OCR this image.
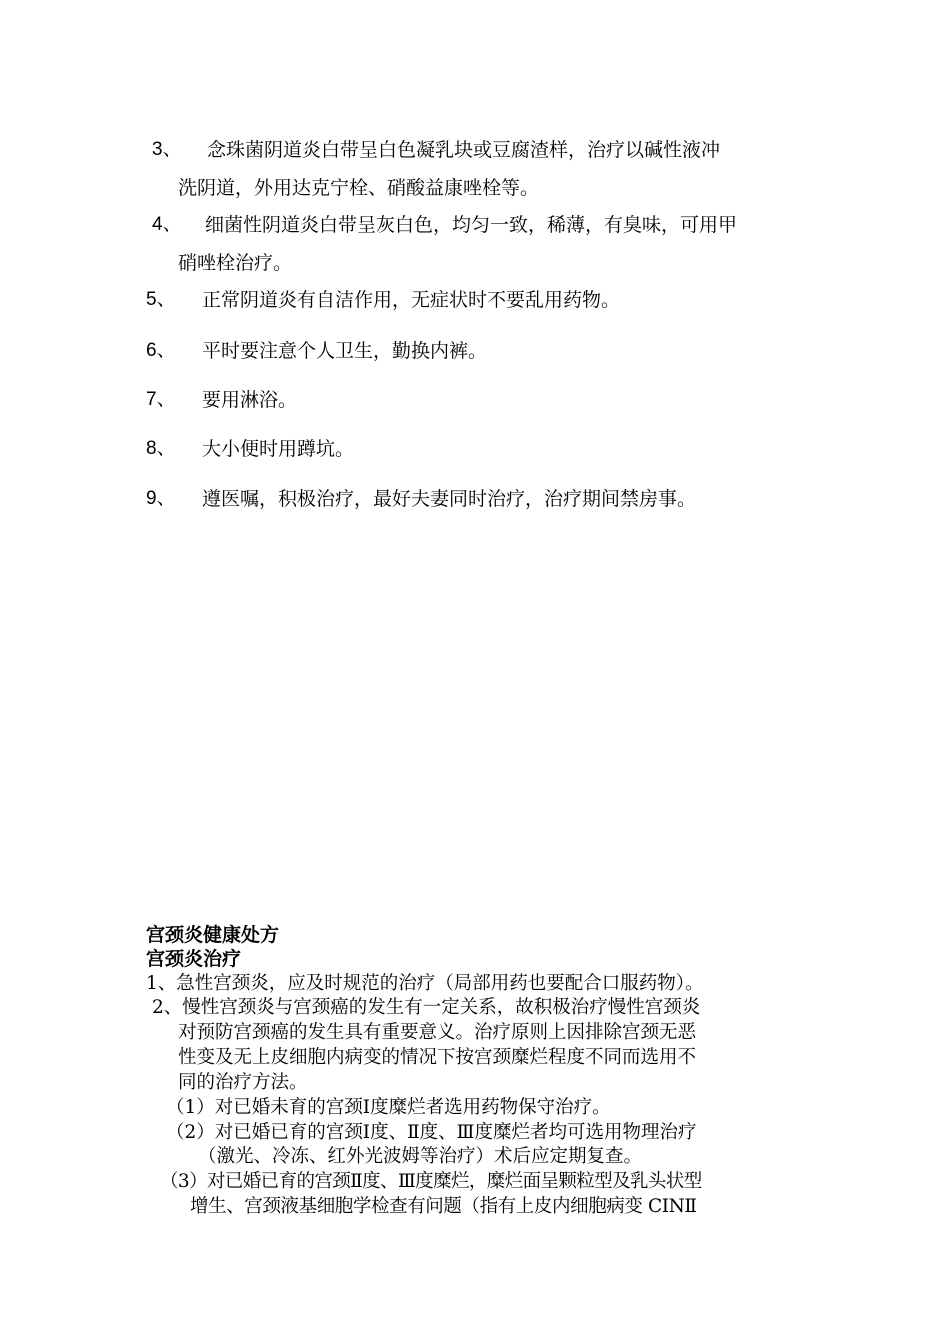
3、 念珠菌阴道炎白带呈白色凝乳块或豆腐渣样，治疗以碱性液冲
洗阴道，外用达克宁栓、硝酸益康唑栓等。
4、 细菌性阴道炎白带呈灰白色，均匀一致，稀薄，有臭味，可用甲
硝唑栓治疗。
5、 正常阴道炎有自洁作用，无症状时不要乱用药物。
6、 平时要注意个人卫生，勤换内裤。
7、 要用淋浴。
8、 大小便时用蹲坑。
9、 遵医嘱，积极治疗，最好夫妻同时治疗，治疗期间禁房事。
宫颈炎健康处方
宫颈炎治疗
1、急性宫颈炎，应及时规范的治疗（局部用药也要配合口服药物）。
2、慢性宫颈炎与宫颈癌的发生有一定关系，故积极治疗慢性宫颈炎
对预防宫颈癌的发生具有重要意义。治疗原则上因排除宫颈无恶
性变及无上皮细胞内病变的情况下按宫颈糜烂程度不同而选用不
同的治疗方法。
（1）对已婚未育的宫颈Ⅰ度糜烂者选用药物保守治疗。
（2）对已婚已育的宫颈Ⅰ度、Ⅱ度、Ⅲ度糜烂者均可选用物理治疗
（激光、冷冻、红外光波姆等治疗）术后应定期复查。
（3）对已婚已育的宫颈Ⅱ度、Ⅲ度糜烂，糜烂面呈颗粒型及乳头状型
增生、宫颈液基细胞学检查有问题（指有上皮内细胞病变 CINⅡ
